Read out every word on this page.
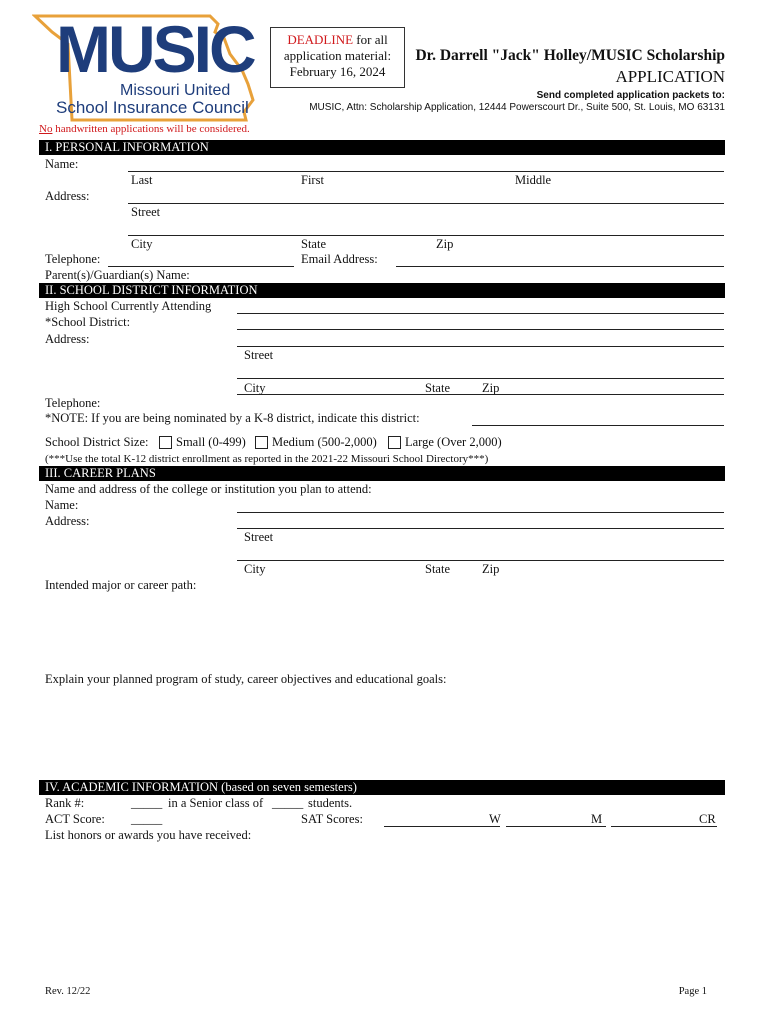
MUSIC
Missouri United
School Insurance Council
DEADLINE for all
application material:
February 16, 2024
Dr. Darrell "Jack" Holley/MUSIC Scholarship
APPLICATION
Send completed application packets to:
MUSIC, Attn: Scholarship Application, 12444 Powerscourt Dr., Suite 500, St. Louis, MO 63131
No handwritten applications will be considered.
I. PERSONAL INFORMATION
Name:
Last	First	Middle
Address:
Street
City	State	Zip
Telephone:	Email Address:
Parent(s)/Guardian(s) Name:
II. SCHOOL DISTRICT INFORMATION
High School Currently Attending
*School District:
Address:
Street
City	State	Zip
Telephone:
*NOTE: If you are being nominated by a K-8 district, indicate this district:
School District Size: Small (0-499) Medium (500-2,000) Large (Over 2,000)
(***Use the total K-12 district enrollment as reported in the 2021-22 Missouri School Directory***)
III. CAREER PLANS
Name and address of the college or institution you plan to attend:
Name:
Address:
Street
City	State	Zip
Intended major or career path:
Explain your planned program of study, career objectives and educational goals:
IV. ACADEMIC INFORMATION (based on seven semesters)
Rank #:	_____ in a Senior class of _____ students.
ACT Score: _____	SAT Scores:	W	M	CR
List honors or awards you have received:
Rev. 12/22	Page 1
